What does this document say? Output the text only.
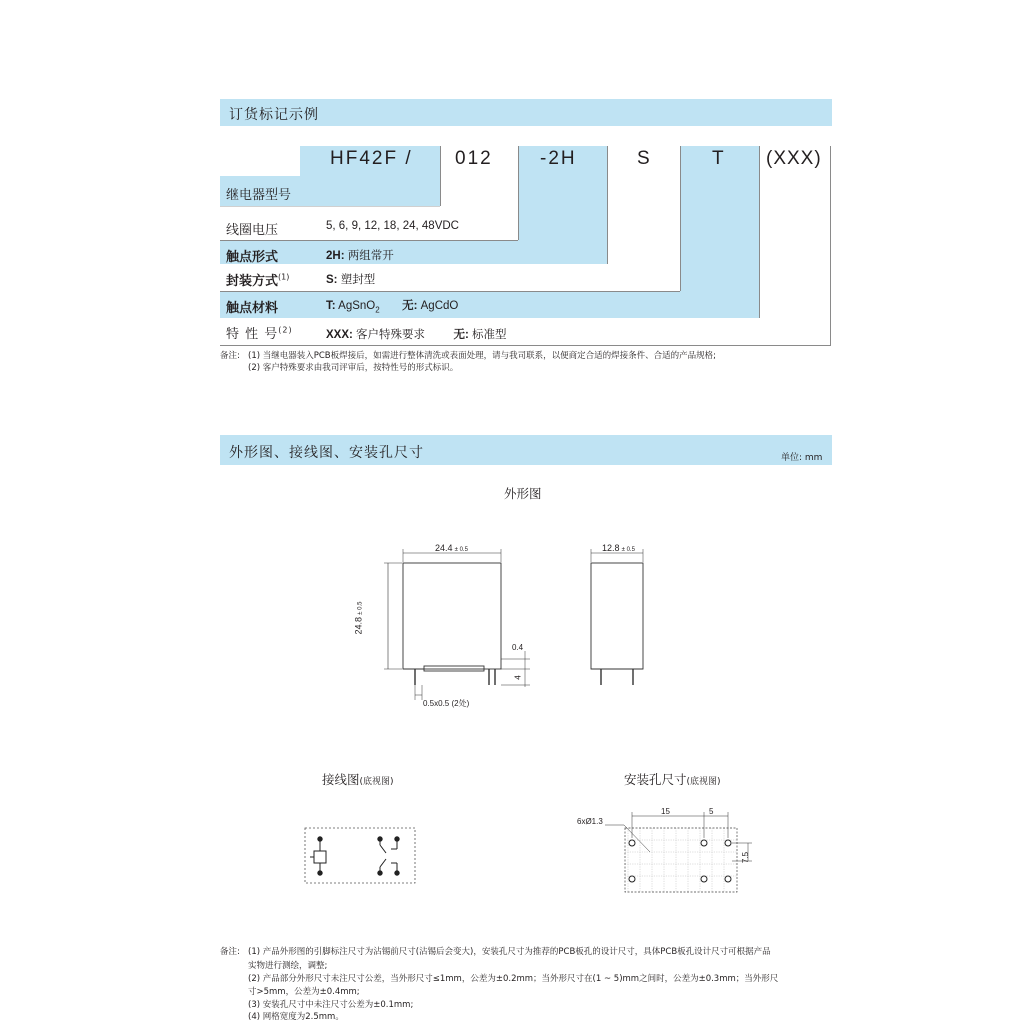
订货标记示例
HF42F / 012 -2H	S	T (XXX)
继电器型号
线圈电压	5, 6, 9, 12, 18, 24, 48VDC
触点形式	2H: 两组常开
封装方式$^{(1)}$	S: 塑封型
触点材料	T: AgSnO$_2$ 无: AgCdO
特 性 号$^{(2)}$	XXX: 客户特殊要求 无: 标准型
备注: (1) 当继电器装入PCB板焊接后，如需进行整体清洗或表面处理，请与我司联系，以便商定合适的焊接条件、合适的产品规格;
(2) 客户特殊要求由我司评审后，按特性号的形式标识。
外形图、接线图、安装孔尺寸	单位: mm
外形图
24.4 ± 0.5
24.8 ± 0.5
12.8 ± 0.5
0.4
4
0.5x0.5 (2处)
接线图(底视图)	安装孔尺寸(底视图)
6xØ1.3
15	5
7.5
备注: (1) 产品外形图的引脚标注尺寸为沾锡前尺寸(沾锡后会变大)，安装孔尺寸为推荐的PCB板孔的设计尺寸，具体PCB板孔设计尺寸可根据产品
实物进行测绘，调整;
(2) 产品部分外形尺寸未注尺寸公差，当外形尺寸≤1mm，公差为±0.2mm；当外形尺寸在(1 ~ 5)mm之间时，公差为±0.3mm；当外形尺
寸>5mm，公差为±0.4mm;
(3) 安装孔尺寸中未注尺寸公差为±0.1mm;
(4) 网格宽度为2.5mm。
